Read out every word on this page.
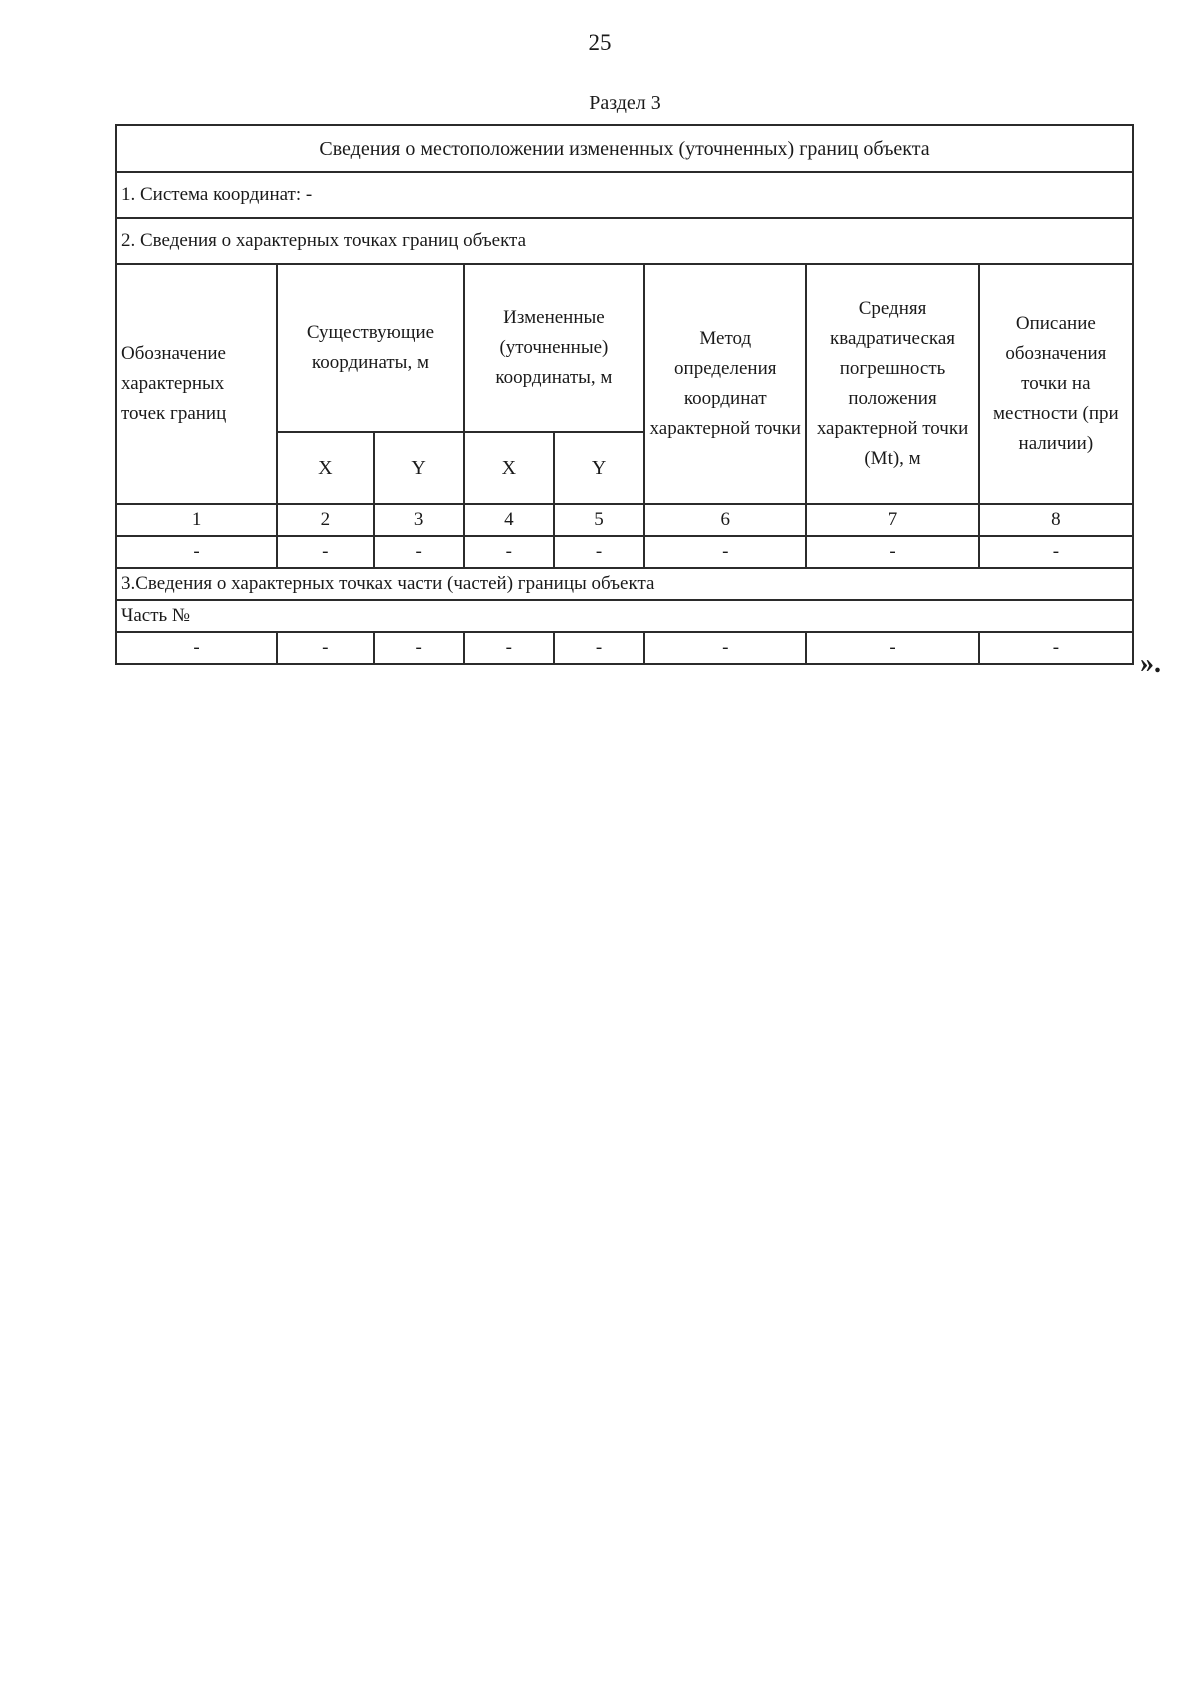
25
Раздел 3
Сведения о местоположении измененных (уточненных) границ объекта							
1. Система координат: -							
2. Сведения о характерных точках границ объекта							
Обозначение характерных точек границ	Существующие координаты, м		Измененные (уточненные) координаты, м		Метод определения координат характерной точки	Средняя квадратическая погрешность положения характерной точки (Mt), м	Описание обозначения точки на местности (при наличии)
	X	Y	X	Y			
1	2	3	4	5	6	7	8
-	-	-	-	-	-	-	-
3.Сведения о характерных точках части (частей) границы объекта							
Часть №							
-	-	-	-	-	-	-	-
».
